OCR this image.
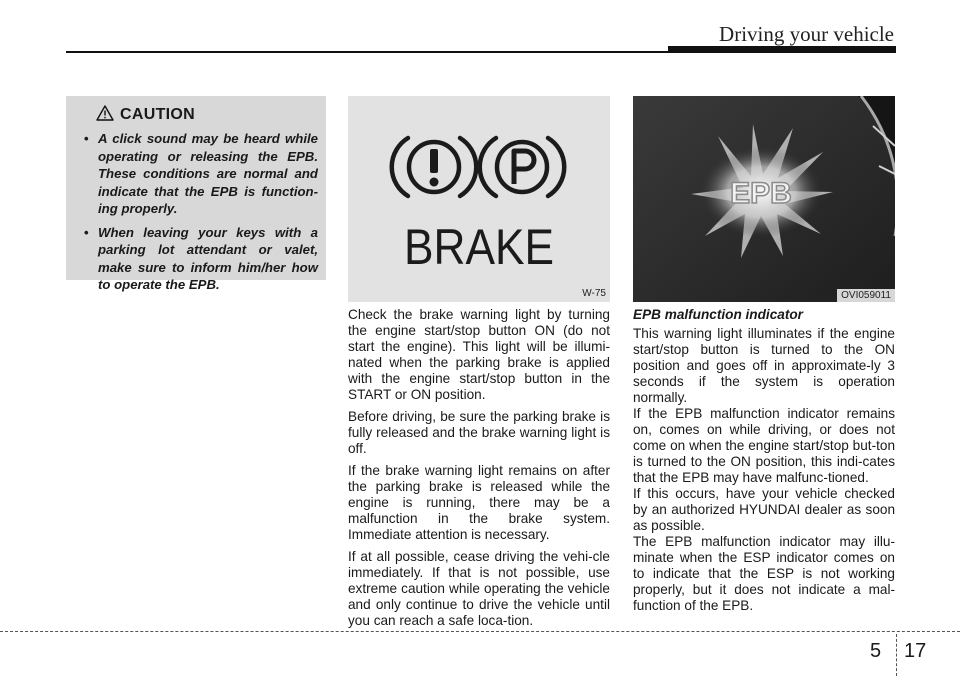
Driving your vehicle
CAUTION
• A click sound may be heard while operating or releasing the EPB. These conditions are normal and indicate that the EPB is function-ing properly.
• When leaving your keys with a parking lot attendant or valet, make sure to inform him/her how to operate the EPB.
BRAKE
W-75
EPB
OVI059011

Check the brake warning light by turning the engine start/stop button ON (do not start the engine). This light will be illumi-nated when the parking brake is applied with the engine start/stop button in the START or ON position.

Before driving, be sure the parking brake is fully released and the brake warning light is off.

If the brake warning light remains on after the parking brake is released while the engine is running, there may be a malfunction in the brake system. Immediate attention is necessary.

If at all possible, cease driving the vehi-cle immediately. If that is not possible, use extreme caution while operating the vehicle and only continue to drive the vehicle until you can reach a safe loca-tion.

EPB malfunction indicator

This warning light illuminates if the engine start/stop button is turned to the ON position and goes off in approximate-ly 3 seconds if the system is operation normally.

If the EPB malfunction indicator remains on, comes on while driving, or does not come on when the engine start/stop but-ton is turned to the ON position, this indi-cates that the EPB may have malfunc-tioned.

If this occurs, have your vehicle checked by an authorized HYUNDAI dealer as soon as possible.

The EPB malfunction indicator may illu-minate when the ESP indicator comes on to indicate that the ESP is not working properly, but it does not indicate a mal-function of the EPB.

5 17
